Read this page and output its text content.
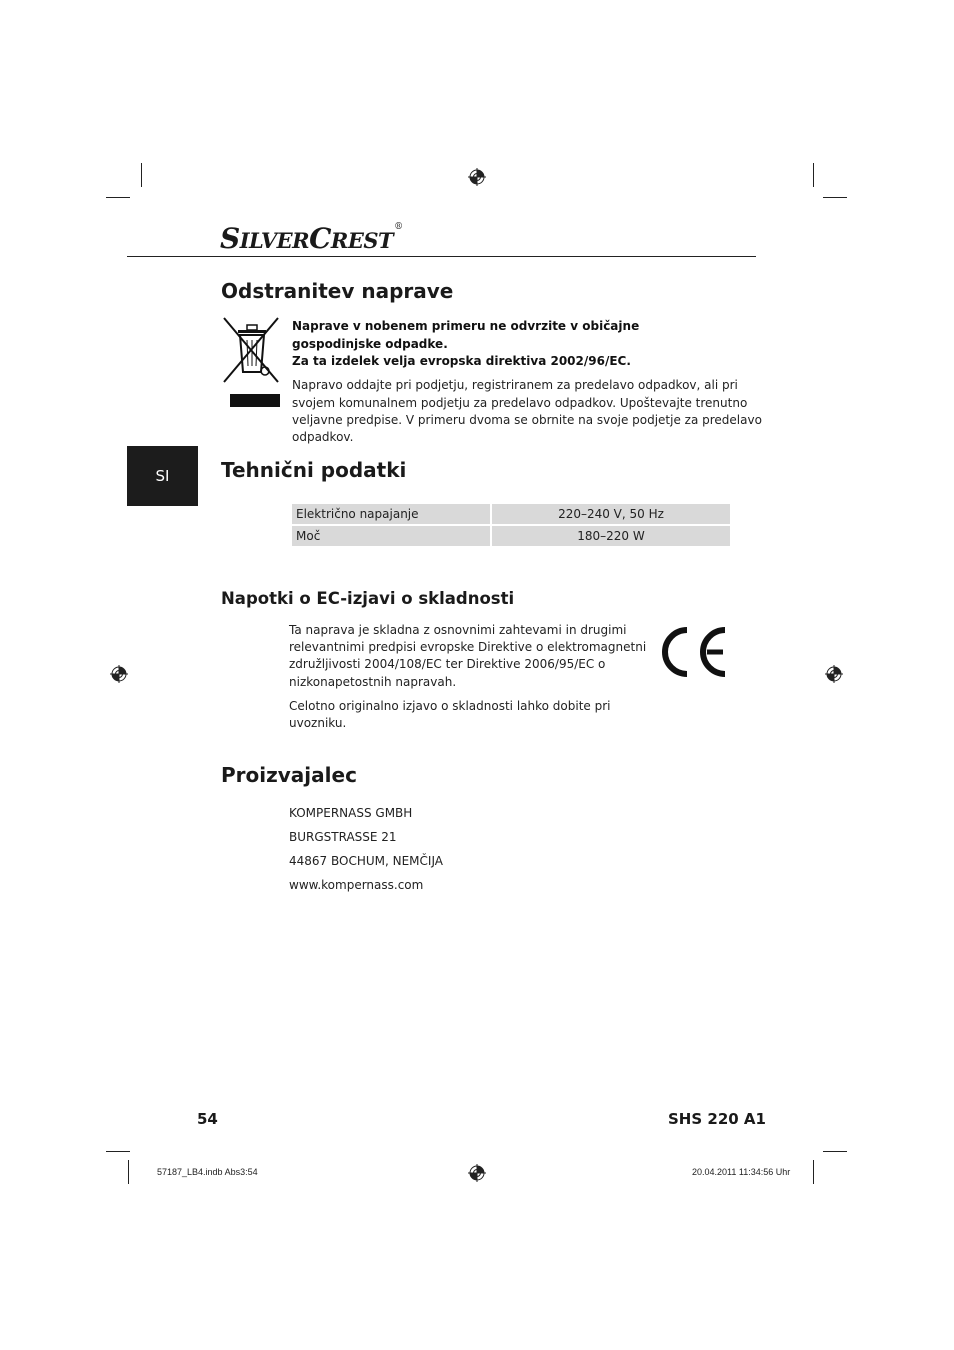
SILVERCREST®
SI
Odstranitev naprave
Naprave v nobenem primeru ne odvrzite v običajne
gospodinjske odpadke.
Za ta izdelek velja evropska direktiva 2002/96/EC.
Napravo oddajte pri podjetju, registriranem za predelavo odpadkov, ali pri
svojem komunalnem podjetju za predelavo odpadkov. Upoštevajte trenutno
veljavne predpise. V primeru dvoma se obrnite na svoje podjetje za predelavo
odpadkov.
Tehnični podatki
Električno napajanje	220–240 V, 50 Hz
Moč	180–220 W
Napotki o EC-izjavi o skladnosti
Ta naprava je skladna z osnovnimi zahtevami in drugimi
relevantnimi predpisi evropske Direktive o elektromagnetni
združljivosti 2004/108/EC ter Direktive 2006/95/EC o
nizkonapetostnih napravah.
Celotno originalno izjavo o skladnosti lahko dobite pri
uvozniku.
Proizvajalec
KOMPERNASS GMBH
BURGSTRASSE 21
44867 BOCHUM, NEMČIJA
www.kompernass.com
54	SHS 220 A1
57187_LB4.indb Abs3:54	20.04.2011 11:34:56 Uhr
